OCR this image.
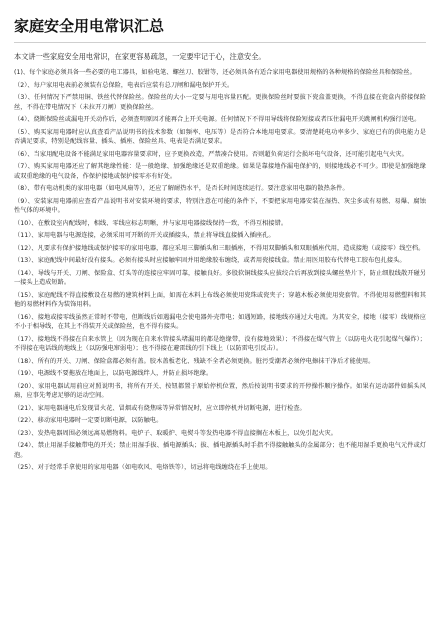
家庭安全用电常识汇总

本文讲一些家庭安全用电常识，在家更容易疏忽，一定要牢记于心，注意安全。

(1)、每个家庭必须具备一些必要的电工器具，如验电笔、螺丝刀、胶钳等，还必须具备有适合家用电器使用规格的各种规格的保险丝具和保险丝。

（2）、每户家用电表前必须装有总保险，电表后应装有总刀闸和漏电保护开关。

（3）、任何情况下严禁用铜、铁丝代替保险丝。保险丝的大小一定要与用电容量匹配。更换保险丝时要拔下瓷盒盖更换，不得直接在瓷盒内搭接保险丝，不得在带电情况下（未拉开刀闸）更换保险丝。

（4）、烧断保险丝或漏电开关动作后，必须查明原因才能再合上开关电源。任何情况下不得用导线将保险短接或者压住漏电开关跳闸机构强行送电。

（5）、购买家用电器时应认真查看产品说明书的技术参数（如频率、电压等）是否符合本地用电要求。要清楚耗电功率多少、家庭已有的供电能力是否满足要求，特别是配线容量、插头、插座、保险丝具、电表是否满足要求。

（6）、当家用配电设备不能满足家用电器容量要求时，应予更换改造，严禁凑合使用。否则超负荷运行会损坏电气设备，还可能引起电气火灾。

（7）、购买家用电器还应了解其绝缘性能：是一般绝缘、加强绝缘还是双重绝缘。如果是靠接地作漏电保护的，则接地线必不可少。即使是加强绝缘或双重绝缘的电气设备，作保护接地或保护接零亦有好处。

（8）、带有电动机类的家用电器（如电风扇等），还应了解耐热水平，是否长时间连续运行。要注意家用电器的散热条件。

（9）、安装家用电器前应查看产品说明书对安装环境的要求，特别注意在可能的条件下，不要把家用电器安装在湿热、灰尘多或有易燃、易爆、腐蚀性气体的环境中。

（10）、在敷设室内配线时，相线、零线应标志明晰，并与家用电器接线保持一致，不得互相接错。

（11）、家用电器与电源连接，必须采用可开断的开关或插接头，禁止将导线直接插入插座孔。

（12）、凡要求有保护接地线或保护接零的家用电器，都应采用三脚插头和三眼插座，不得用双脚插头和双眼插座代用，造成接地（或接零）线空档。

（13）、家庭配线中间最好没有接头。必须有接头时应接触牢固并用绝缘胶布缠绕，或者用瓷接线盒。禁止用医用胶布代替电工胶布包扎接头。

（14）、导线与开关、刀闸、保险盒、灯头等的连接应牢固可靠，接触良好。多股软铜线接头应拔绞合后再放到接头螺丝垫片下，防止细股线散开碰另一接头上造成短路。

（15）、家庭配线不得直接敷设在易燃的建筑材料上面，如需在木料上布线必须使用瓷珠或瓷夹子；穿越木板必须使用瓷套管。不得使用易燃塑料和其他的易燃材料作为装饰用料。

（16）、接地或接零线虽然正常时不带电，但断线后如遇漏电会使电器外壳带电；如遇短路，接地线亦通过大电流。为其安全，接地（接零）线规格应不小于相导线，在其上不得装开关或保险丝，也不得有接头。

（17）、接地线不得接在自来水管上（因为现在自来水管接头堵漏用的都是绝缘带，没有接地效果）；不得接在煤气管上（以防电火花引起煤气爆炸）；不得接在电话线的地线上（以防强电窜弱电）；也不得接在避雷线的引下线上（以防雷电引反击）。

（18）、所有的开关、刀闸、保险盒都必须有盖。胶木盖板老化、残缺不全者必须更换。脏污受潮者必须停电擦抹干净后才能使用。

（19）、电源线不要拖放在地面上，以防电源线绊人，并防止损坏绝缘。

（20）、家用电器试用前应对照说明书，将所有开关、按钮都置于原始停机位置，然后按说明书要求的开停操作顺序操作。如果有运动部件如摇头风扇，应事先考虑足够的运动空间。

（21）、家用电器通电后发现冒火花、冒烟或有烧焦味等异常情况时，应立即停机并切断电源，进行检查。

（22）、移动家用电器时一定要切断电源，以防触电。

（23）、发热电器周围必须远离易燃物料。电炉子、取暖炉、电熨斗等发热电器不得直接搁在木板上，以免引起火灾。

（24）、禁止用湿手接触带电的开关；禁止用湿手拔、插电源插头；拔、插电源插头时手指不得接触触头的金属部分；也不能用湿手更换电气元件或灯泡。

（25）、对于经常手拿使用的家用电器（如电吹风、电烙铁等），切忌将电线缠绕在手上使用。
